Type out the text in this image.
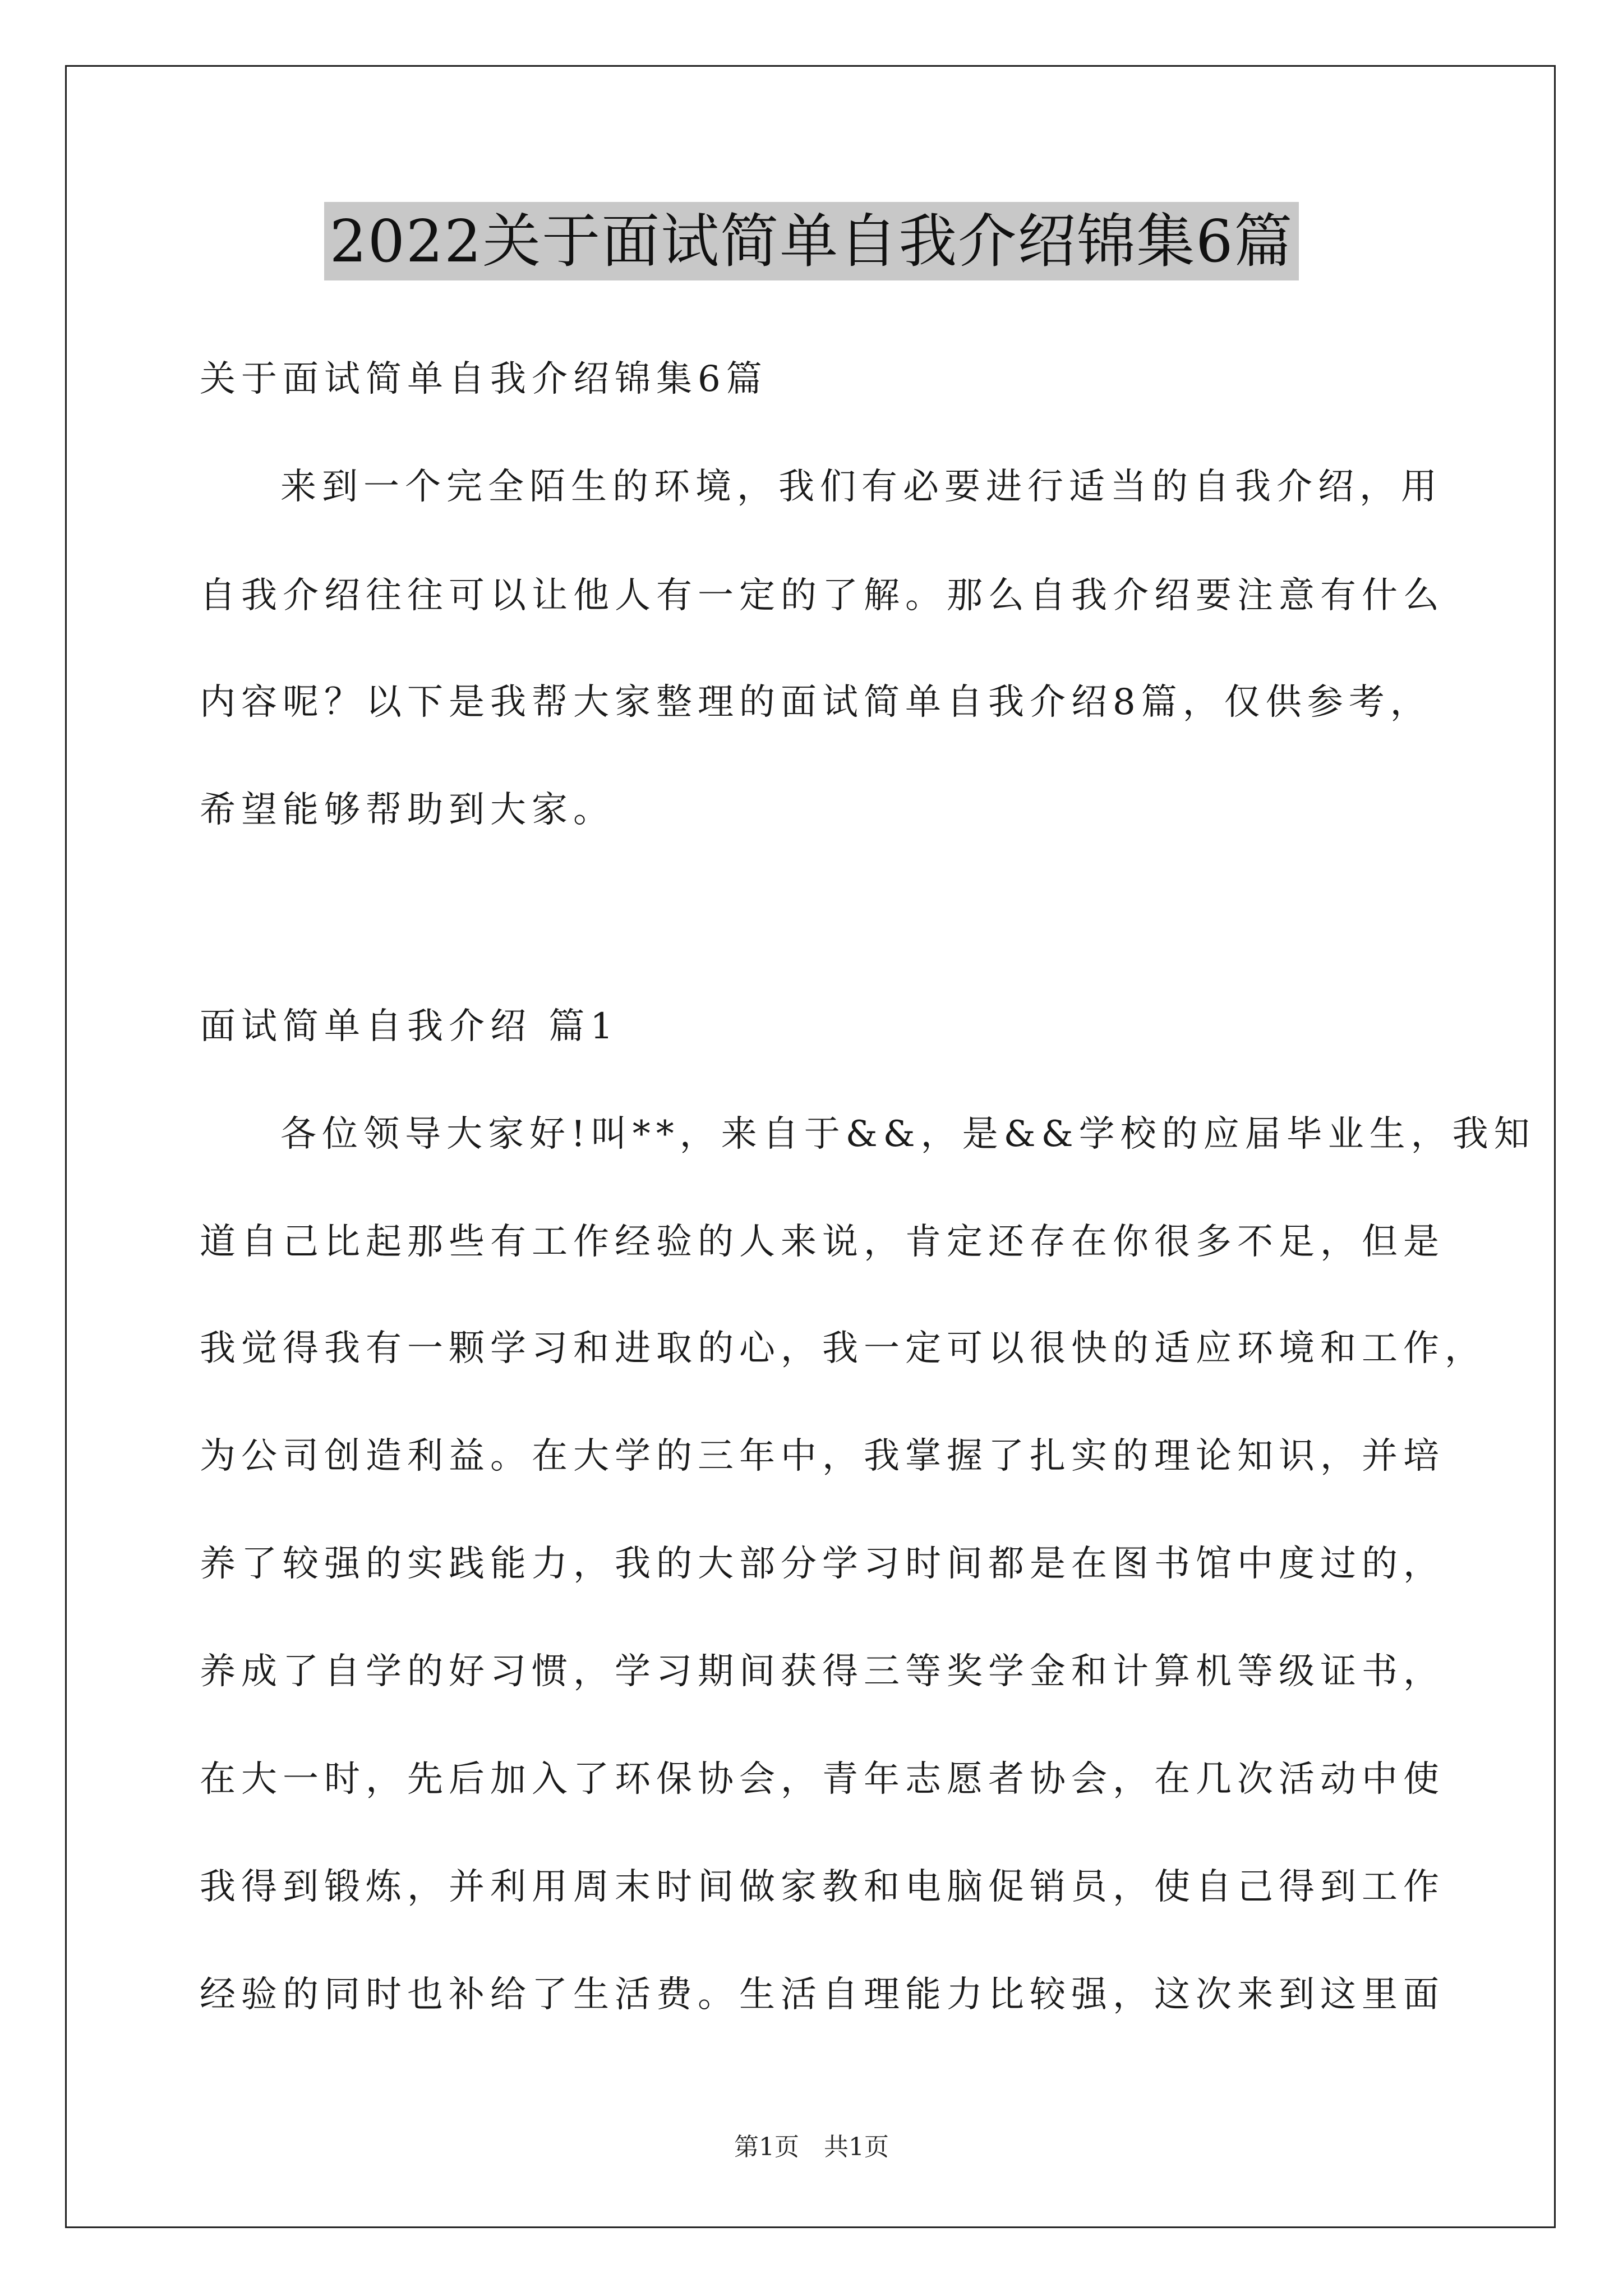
2022关于面试简单自我介绍锦集6篇
关于面试简单自我介绍锦集6篇
来到一个完全陌生的环境，我们有必要进行适当的自我介绍，用
自我介绍往往可以让他人有一定的了解。那么自我介绍要注意有什么
内容呢？以下是我帮大家整理的面试简单自我介绍8篇，仅供参考，
希望能够帮助到大家。
面试简单自我介绍 篇1
各位领导大家好!叫**，来自于&&，是&&学校的应届毕业生，我知
道自己比起那些有工作经验的人来说，肯定还存在你很多不足，但是
我觉得我有一颗学习和进取的心，我一定可以很快的适应环境和工作，
为公司创造利益。在大学的三年中，我掌握了扎实的理论知识，并培
养了较强的实践能力，我的大部分学习时间都是在图书馆中度过的，
养成了自学的好习惯，学习期间获得三等奖学金和计算机等级证书，
在大一时，先后加入了环保协会，青年志愿者协会，在几次活动中使
我得到锻炼，并利用周末时间做家教和电脑促销员，使自己得到工作
经验的同时也补给了生活费。生活自理能力比较强，这次来到这里面
第1页 共1页
